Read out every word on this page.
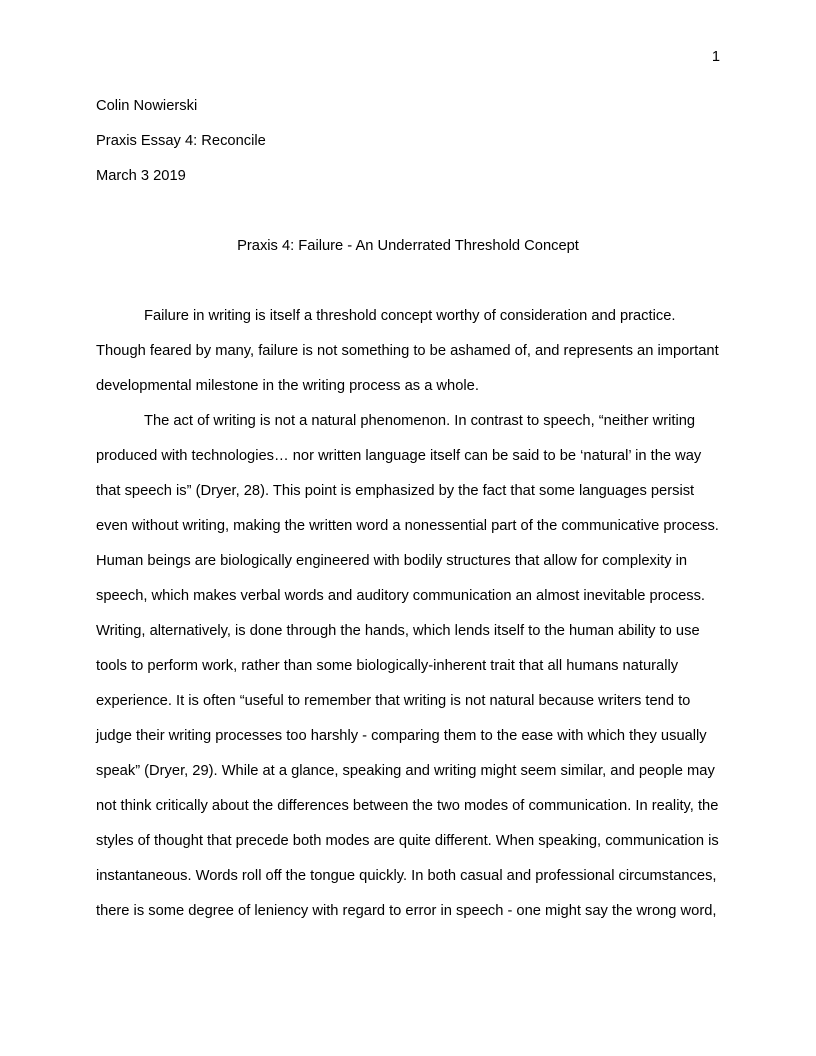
1

Colin Nowierski

Praxis Essay 4: Reconcile

March 3 2019

Praxis 4: Failure - An Underrated Threshold Concept

Failure in writing is itself a threshold concept worthy of consideration and practice.
Though feared by many, failure is not something to be ashamed of, and represents an important
developmental milestone in the writing process as a whole.

The act of writing is not a natural phenomenon. In contrast to speech, “neither writing
produced with technologies… nor written language itself can be said to be ‘natural’ in the way
that speech is” (Dryer, 28). This point is emphasized by the fact that some languages persist
even without writing, making the written word a nonessential part of the communicative process.
Human beings are biologically engineered with bodily structures that allow for complexity in
speech, which makes verbal words and auditory communication an almost inevitable process.
Writing, alternatively, is done through the hands, which lends itself to the human ability to use
tools to perform work, rather than some biologically-inherent trait that all humans naturally
experience. It is often “useful to remember that writing is not natural because writers tend to
judge their writing processes too harshly - comparing them to the ease with which they usually
speak” (Dryer, 29). While at a glance, speaking and writing might seem similar, and people may
not think critically about the differences between the two modes of communication. In reality, the
styles of thought that precede both modes are quite different. When speaking, communication is
instantaneous. Words roll off the tongue quickly. In both casual and professional circumstances,
there is some degree of leniency with regard to error in speech - one might say the wrong word,
